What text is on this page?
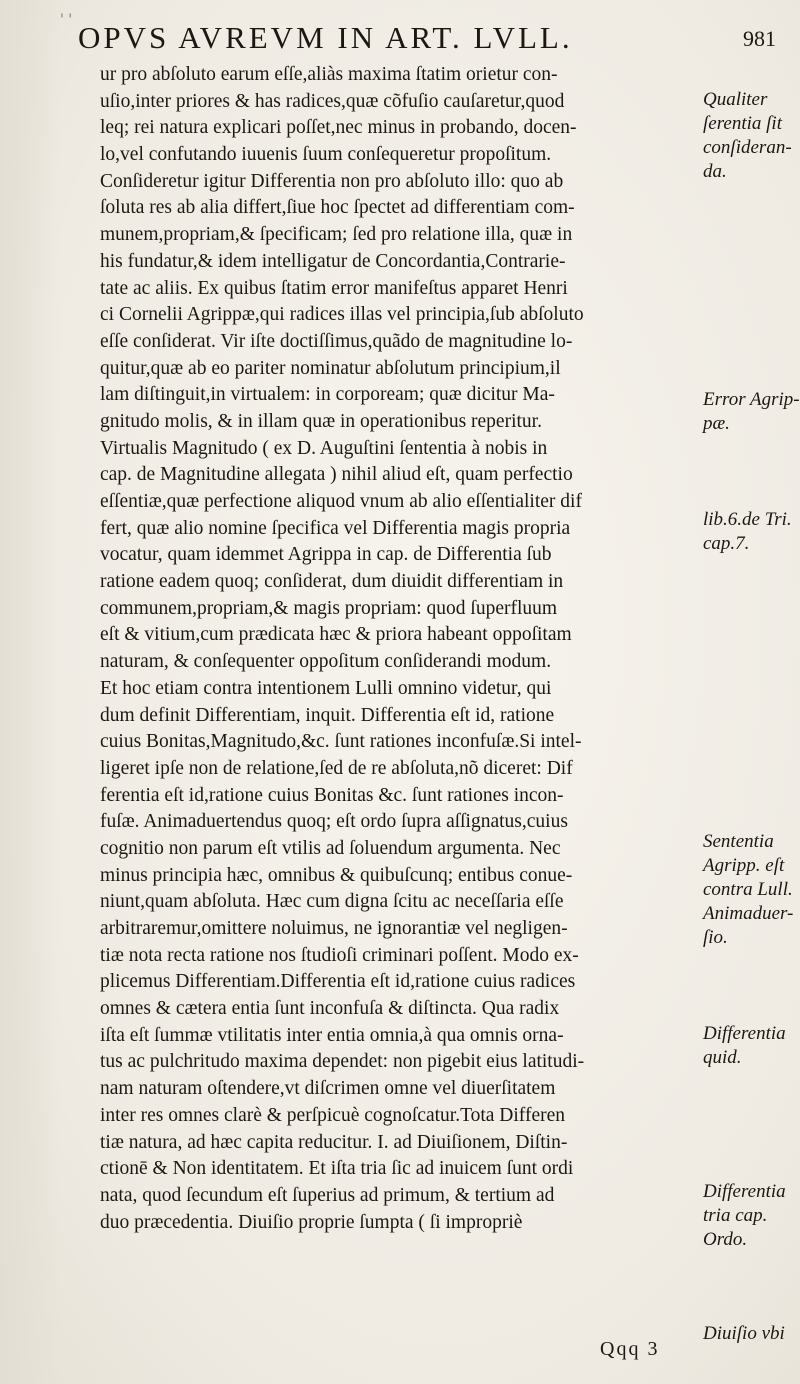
' ' OPVS AVREVM IN ART. LVLL.	981
ur pro abſoluto earum eſſe,aliàs maxima ſtatim orietur con-
uſio,inter priores & has radices,quæ cõfuſio cauſaretur,quod
leq; rei natura explicari poſſet,nec minus in probando, docen-
lo,vel confutando iuuenis ſuum conſequeretur propoſitum.
Conſideretur igitur Differentia non pro abſoluto illo: quo ab
ſoluta res ab alia differt,ſiue hoc ſpectet ad differentiam com-
munem,propriam,& ſpecificam; ſed pro relatione illa, quæ in
his fundatur,& idem intelligatur de Concordantia,Contrarie-
tate ac aliis. Ex quibus ſtatim error manifeſtus apparet Henri
ci Cornelii Agrippæ,qui radices illas vel principia,ſub abſoluto
eſſe conſiderat. Vir iſte doctiſſimus,quãdo de magnitudine lo-
quitur,quæ ab eo pariter nominatur abſolutum principium,il
lam diſtinguit,in virtualem: in corpoream; quæ dicitur Ma-
gnitudo molis, & in illam quæ in operationibus reperitur.
Virtualis Magnitudo ( ex D. Auguſtini ſententia à nobis in
cap. de Magnitudine allegata ) nihil aliud eſt, quam perfectio
eſſentiæ,quæ perfectione aliquod vnum ab alio eſſentialiter dif
fert, quæ alio nomine ſpecifica vel Differentia magis propria
vocatur, quam idemmet Agrippa in cap. de Differentia ſub
ratione eadem quoq; conſiderat, dum diuidit differentiam in
communem,propriam,& magis propriam: quod ſuperfluum
eſt & vitium,cum prædicata hæc & priora habeant oppoſitam
naturam, & conſequenter oppoſitum conſiderandi modum.
Et hoc etiam contra intentionem Lulli omnino videtur, qui
dum definit Differentiam, inquit. Differentia eſt id, ratione
cuius Bonitas,Magnitudo,&c. ſunt rationes inconfuſæ.Si intel-
ligeret ipſe non de relatione,ſed de re abſoluta,nõ diceret: Dif
ferentia eſt id,ratione cuius Bonitas &c. ſunt rationes incon-
fuſæ. Animaduertendus quoq; eſt ordo ſupra aſſignatus,cuius
cognitio non parum eſt vtilis ad ſoluendum argumenta. Nec
minus principia hæc, omnibus & quibuſcunq; entibus conue-
niunt,quam abſoluta. Hæc cum digna ſcitu ac neceſſaria eſſe
arbitraremur,omittere noluimus, ne ignorantiæ vel negligen-
tiæ nota recta ratione nos ſtudioſi criminari poſſent. Modo ex-
plicemus Differentiam.Differentia eſt id,ratione cuius radices
omnes & cætera entia ſunt inconfuſa & diſtincta. Qua radix
iſta eſt ſummæ vtilitatis inter entia omnia,à qua omnis orna-
tus ac pulchritudo maxima dependet: non pigebit eius latitudi-
nam naturam oſtendere,vt diſcrimen omne vel diuerſitatem
inter res omnes clarè & perſpicuè cognoſcatur.Tota Differen
tiæ natura, ad hæc capita reducitur. I. ad Diuiſionem, Diſtin-
ctionē & Non identitatem. Et iſta tria ſic ad inuicem ſunt ordi
nata, quod ſecundum eſt ſuperius ad primum, & tertium ad
duo præcedentia. Diuiſio proprie ſumpta ( ſi impropriè
Qualiter
ſerentia ſit
conſideran-
da.
Error Agrip-
pæ.
lib.6.de Tri.
cap.7.
Sententia
Agripp. eſt
contra Lull.
Animaduer-
ſio.
Differentia
quid.
Differentia
tria cap.
Ordo.
Diuiſio vbi
Qqq 3
